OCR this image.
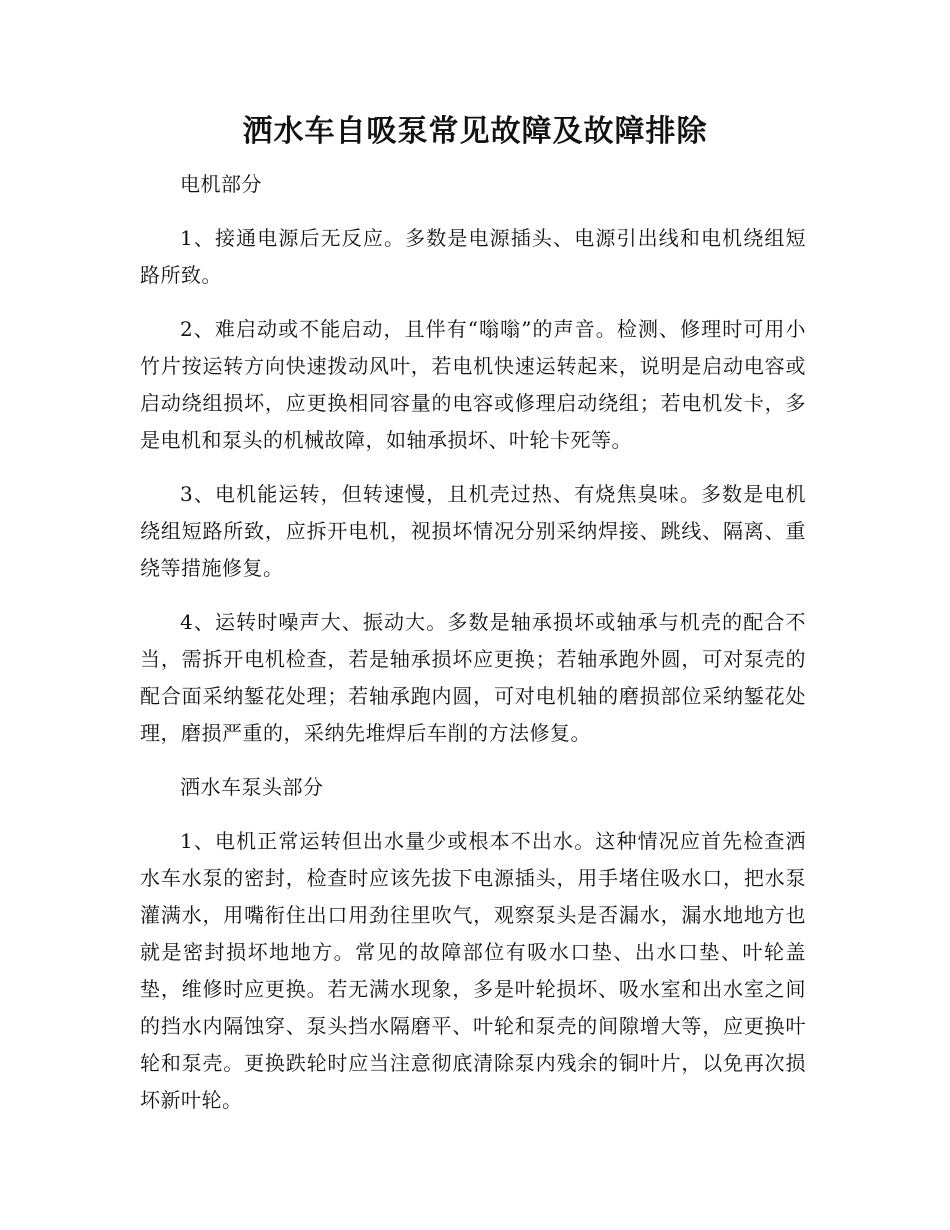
洒水车自吸泵常见故障及故障排除

电机部分

1、接通电源后无反应。多数是电源插头、电源引出线和电机绕组短路所致。

2、难启动或不能启动，且伴有“嗡嗡”的声音。检测、修理时可用小竹片按运转方向快速拨动风叶，若电机快速运转起来，说明是启动电容或启动绕组损坏，应更换相同容量的电容或修理启动绕组；若电机发卡，多是电机和泵头的机械故障，如轴承损坏、叶轮卡死等。

3、电机能运转，但转速慢，且机壳过热、有烧焦臭味。多数是电机绕组短路所致，应拆开电机，视损坏情况分别采纳焊接、跳线、隔离、重绕等措施修复。

4、运转时噪声大、振动大。多数是轴承损坏或轴承与机壳的配合不当，需拆开电机检查，若是轴承损坏应更换；若轴承跑外圆，可对泵壳的配合面采纳錾花处理；若轴承跑内圆，可对电机轴的磨损部位采纳錾花处理，磨损严重的，采纳先堆焊后车削的方法修复。

洒水车泵头部分

1、电机正常运转但出水量少或根本不出水。这种情况应首先检查洒水车水泵的密封，检查时应该先拔下电源插头，用手堵住吸水口，把水泵灌满水，用嘴衔住出口用劲往里吹气，观察泵头是否漏水，漏水地地方也就是密封损坏地地方。常见的故障部位有吸水口垫、出水口垫、叶轮盖垫，维修时应更换。若无满水现象，多是叶轮损坏、吸水室和出水室之间的挡水内隔蚀穿、泵头挡水隔磨平、叶轮和泵壳的间隙增大等，应更换叶轮和泵壳。更换跌轮时应当注意彻底清除泵内残余的铜叶片，以免再次损坏新叶轮。
